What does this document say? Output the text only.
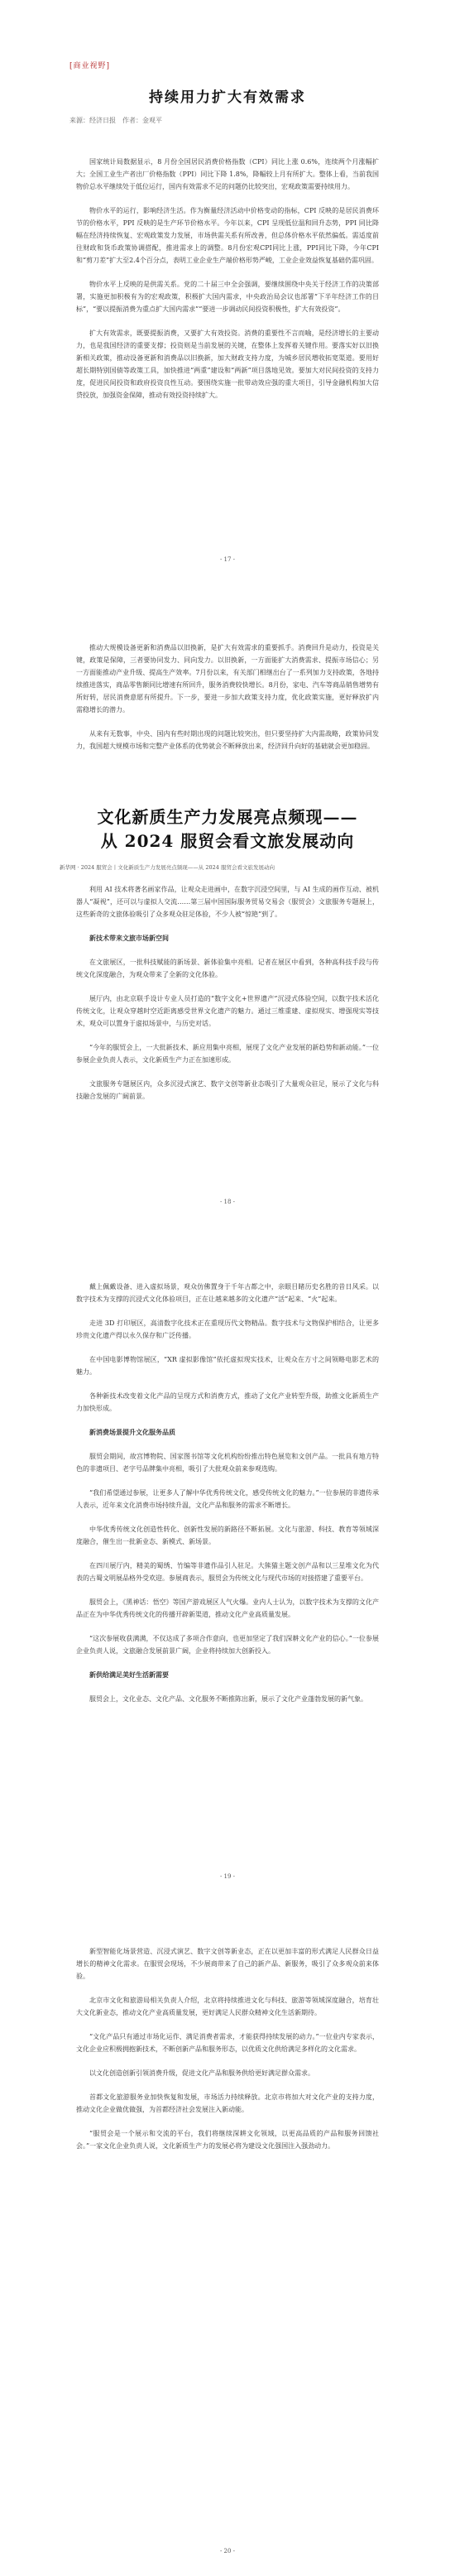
[商业视野]
持续用力扩大有效需求
来源：经济日报　作者：金观平

国家统计局数据显示，8 月份全国居民消费价格指数（CPI）同比上涨 0.6%，连续两个月涨幅扩大；全国工业生产者出厂价格指数（PPI）同比下降 1.8%，降幅较上月有所扩大。整体上看，当前我国物价总水平继续处于低位运行，国内有效需求不足的问题仍比较突出，宏观政策需要持续用力。

物价水平的运行，影响经济生活。作为衡量经济活动中价格变动的指标，CPI 反映的是居民消费环节的价格水平，PPI 反映的是生产环节价格水平。今年以来，CPI 呈现低位温和回升态势，PPI 同比降幅在经济持续恢复、宏观政策发力发展，市场供需关系有所改善，但总体价格水平依然偏低。需适度前往财政和货币政策协调搭配，推进需求上的调整。8月份宏观CPI同比上涨，PPI同比下降，今年CPI和“剪刀差”扩大至2.4个百分点，表明工业企业生产端价格形势严峻，工业企业效益恢复基础仍需巩固。

物价水平上反映的是供需关系。党的二十届三中全会强调，要继续围绕中央关于经济工作的决策部署，实施更加积极有为的宏观政策，积极扩大国内需求，中央政治局会议也部署“下半年经济工作的目标”，“要以提振消费为重点扩大国内需求”“要进一步调动民间投资积极性，扩大有效投资”。

扩大有效需求，既要提振消费，又要扩大有效投资。消费的重要性不言而喻，是经济增长的主要动力，也是我国经济的重要支撑；投资则是当前发展的关键，在整体上发挥着关键作用。要落实好以旧换新相关政策，推动设备更新和消费品以旧换新，加大财政支持力度，为城乡居民增收拓宽渠道。要用好超长期特别国债等政策工具，加快推进“两重”建设和“两新”项目落地见效。要加大对民间投资的支持力度，促进民间投资和政府投资良性互动。要围绕实施一批带动效应强的重大项目，引导金融机构加大信贷投放，加强资金保障，推动有效投资持续扩大。

- 17 -

推动大规模设备更新和消费品以旧换新，是扩大有效需求的重要抓手。消费回升是动力，投资是关键，政策是保障，三者要协同发力、同向发力。以旧换新，一方面能扩大消费需求、提振市场信心；另一方面能推动产业升级、提高生产效率。7月份以来，有关部门相继出台了一系列加力支持政策，各地持续推进落实，商品零售额同比增速有所回升，服务消费较快增长。8月份，家电、汽车等商品销售增势有所好转，居民消费意愿有所提升。下一步，要进一步加大政策支持力度，优化政策实施，更好释放扩内需稳增长的潜力。

从来有无数事，中央、国内有些时期出现的问题比较突出，但只要坚持扩大内需战略，政策协同发力，我国超大规模市场和完整产业体系的优势就会不断释放出来，经济回升向好的基础就会更加稳固。

文化新质生产力发展亮点频现——
从 2024 服贸会看文旅发展动向
新华网 · 2024 服贸会丨文化新质生产力发展亮点频现——从 2024 服贸会看文旅发展动向

利用 AI 技术将著名画家作品，让观众走进画中，在数字沉浸空间里，与 AI 生成的画作互动、被机器人“凝视”，还可以与虚拟人交流……第三届中国国际服务贸易交易会（服贸会）文旅服务专题展上，这些新奇的文旅体验吸引了众多观众驻足体验，不少人被“惊艳”到了。

新技术带来文旅市场新空间

在文旅展区，一批科技赋能的新场景、新体验集中亮相。记者在展区中看到，各种高科技手段与传统文化深度融合，为观众带来了全新的文化体验。

展厅内，由北京联手设计专业人员打造的“数字文化+世界遗产”沉浸式体验空间，以数字技术活化传统文化，让观众穿越时空近距离感受世界文化遗产的魅力。通过三维重建、虚拟现实、增强现实等技术，观众可以置身于虚拟场景中，与历史对话。

“今年的服贸会上，一大批新技术、新应用集中亮相，展现了文化产业发展的新趋势和新动能。”一位参展企业负责人表示，文化新质生产力正在加速形成。

文旅服务专题展区内，众多沉浸式演艺、数字文创等新业态吸引了大量观众驻足，展示了文化与科技融合发展的广阔前景。

- 18 -

戴上佩戴设备、进入虚拟场景，观众仿佛置身于千年古都之中，亲眼目睹历史名胜的昔日风采。以数字技术为支撑的沉浸式文化体验项目，正在让越来越多的文化遗产“活”起来、“火”起来。

走进 3D 打印展区，高清数字化技术正在重现历代文物精品。数字技术与文物保护相结合，让更多珍贵文化遗产得以永久保存和广泛传播。

在中国电影博物馆展区，“XR 虚拟影像馆”依托虚拟现实技术，让观众在方寸之间领略电影艺术的魅力。

各种新技术改变着文化产品的呈现方式和消费方式，推动了文化产业转型升级，助推文化新质生产力加快形成。

新消费场景提升文化服务品质

服贸会期间，故宫博物院、国家图书馆等文化机构纷纷推出特色展览和文创产品。一批具有地方特色的非遗项目、老字号品牌集中亮相，吸引了大批观众前来参观选购。

“我们希望通过参展，让更多人了解中华优秀传统文化，感受传统文化的魅力。”一位参展的非遗传承人表示，近年来文化消费市场持续升温，文化产品和服务的需求不断增长。

中华优秀传统文化创造性转化、创新性发展的新路径不断拓展。文化与旅游、科技、教育等领域深度融合，催生出一批新业态、新模式、新场景。

在四川展厅内，精美的蜀绣、竹编等非遗作品引人驻足。大熊猫主题文创产品和以三星堆文化为代表的古蜀文明展品格外受欢迎。参展商表示，服贸会为传统文化与现代市场的对接搭建了重要平台。

服贸会上，《黑神话：悟空》等国产游戏展区人气火爆。业内人士认为，以数字技术为支撑的文化产品正在为中华优秀传统文化的传播开辟新渠道，推动文化产业高质量发展。

“这次参展收获满满，不仅达成了多项合作意向，也更加坚定了我们深耕文化产业的信心。”一位参展企业负责人说，文旅融合发展前景广阔，企业将持续加大创新投入。

新供给满足美好生活新需要

服贸会上，文化业态、文化产品、文化服务不断推陈出新，展示了文化产业蓬勃发展的新气象。

- 19 -

新型智能化场景营造、沉浸式演艺、数字文创等新业态，正在以更加丰富的形式满足人民群众日益增长的精神文化需求。在服贸会现场，不少展商带来了自己的新产品、新服务，吸引了众多观众前来体验。

北京市文化和旅游局相关负责人介绍，北京将持续推进文化与科技、旅游等领域深度融合，培育壮大文化新业态，推动文化产业高质量发展，更好满足人民群众精神文化生活新期待。

“文化产品只有通过市场化运作、满足消费者需求，才能获得持续发展的动力。”一位业内专家表示，文化企业应积极拥抱新技术，不断创新产品和服务形态，以优质文化供给满足多样化的文化需求。

以文化创造创新引领消费升级，促进文化产品和服务供给更好满足群众需求。

首都文化旅游服务业加快恢复和发展，市场活力持续释放。北京市将加大对文化产业的支持力度，推动文化企业做优做强，为首都经济社会发展注入新动能。

“服贸会是一个展示和交流的平台，我们将继续深耕文化领域，以更高品质的产品和服务回馈社会。”一家文化企业负责人说，文化新质生产力的发展必将为建设文化强国注入强劲动力。

- 20 -
